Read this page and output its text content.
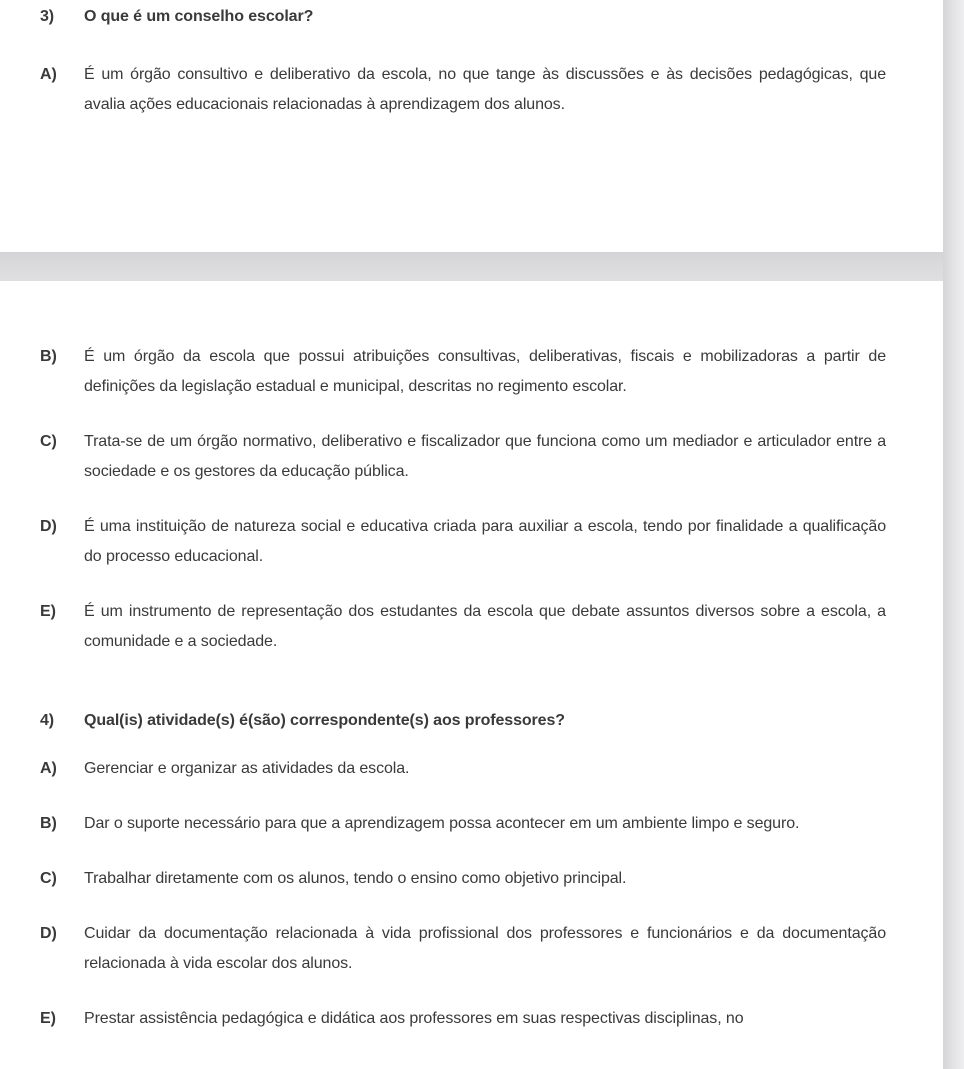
3)	O que é um conselho escolar?
A)	É um órgão consultivo e deliberativo da escola, no que tange às discussões e às decisões pedagógicas, que avalia ações educacionais relacionadas à aprendizagem dos alunos.
B)	É um órgão da escola que possui atribuições consultivas, deliberativas, fiscais e mobilizadoras a partir de definições da legislação estadual e municipal, descritas no regimento escolar.
C)	Trata-se de um órgão normativo, deliberativo e fiscalizador que funciona como um mediador e articulador entre a sociedade e os gestores da educação pública.
D)	É uma instituição de natureza social e educativa criada para auxiliar a escola, tendo por finalidade a qualificação do processo educacional.
E)	É um instrumento de representação dos estudantes da escola que debate assuntos diversos sobre a escola, a comunidade e a sociedade.
4)	Qual(is) atividade(s) é(são) correspondente(s) aos professores?
A)	Gerenciar e organizar as atividades da escola.
B)	Dar o suporte necessário para que a aprendizagem possa acontecer em um ambiente limpo e seguro.
C)	Trabalhar diretamente com os alunos, tendo o ensino como objetivo principal.
D)	Cuidar da documentação relacionada à vida profissional dos professores e funcionários e da documentação relacionada à vida escolar dos alunos.
E)	Prestar assistência pedagógica e didática aos professores em suas respectivas disciplinas, no
